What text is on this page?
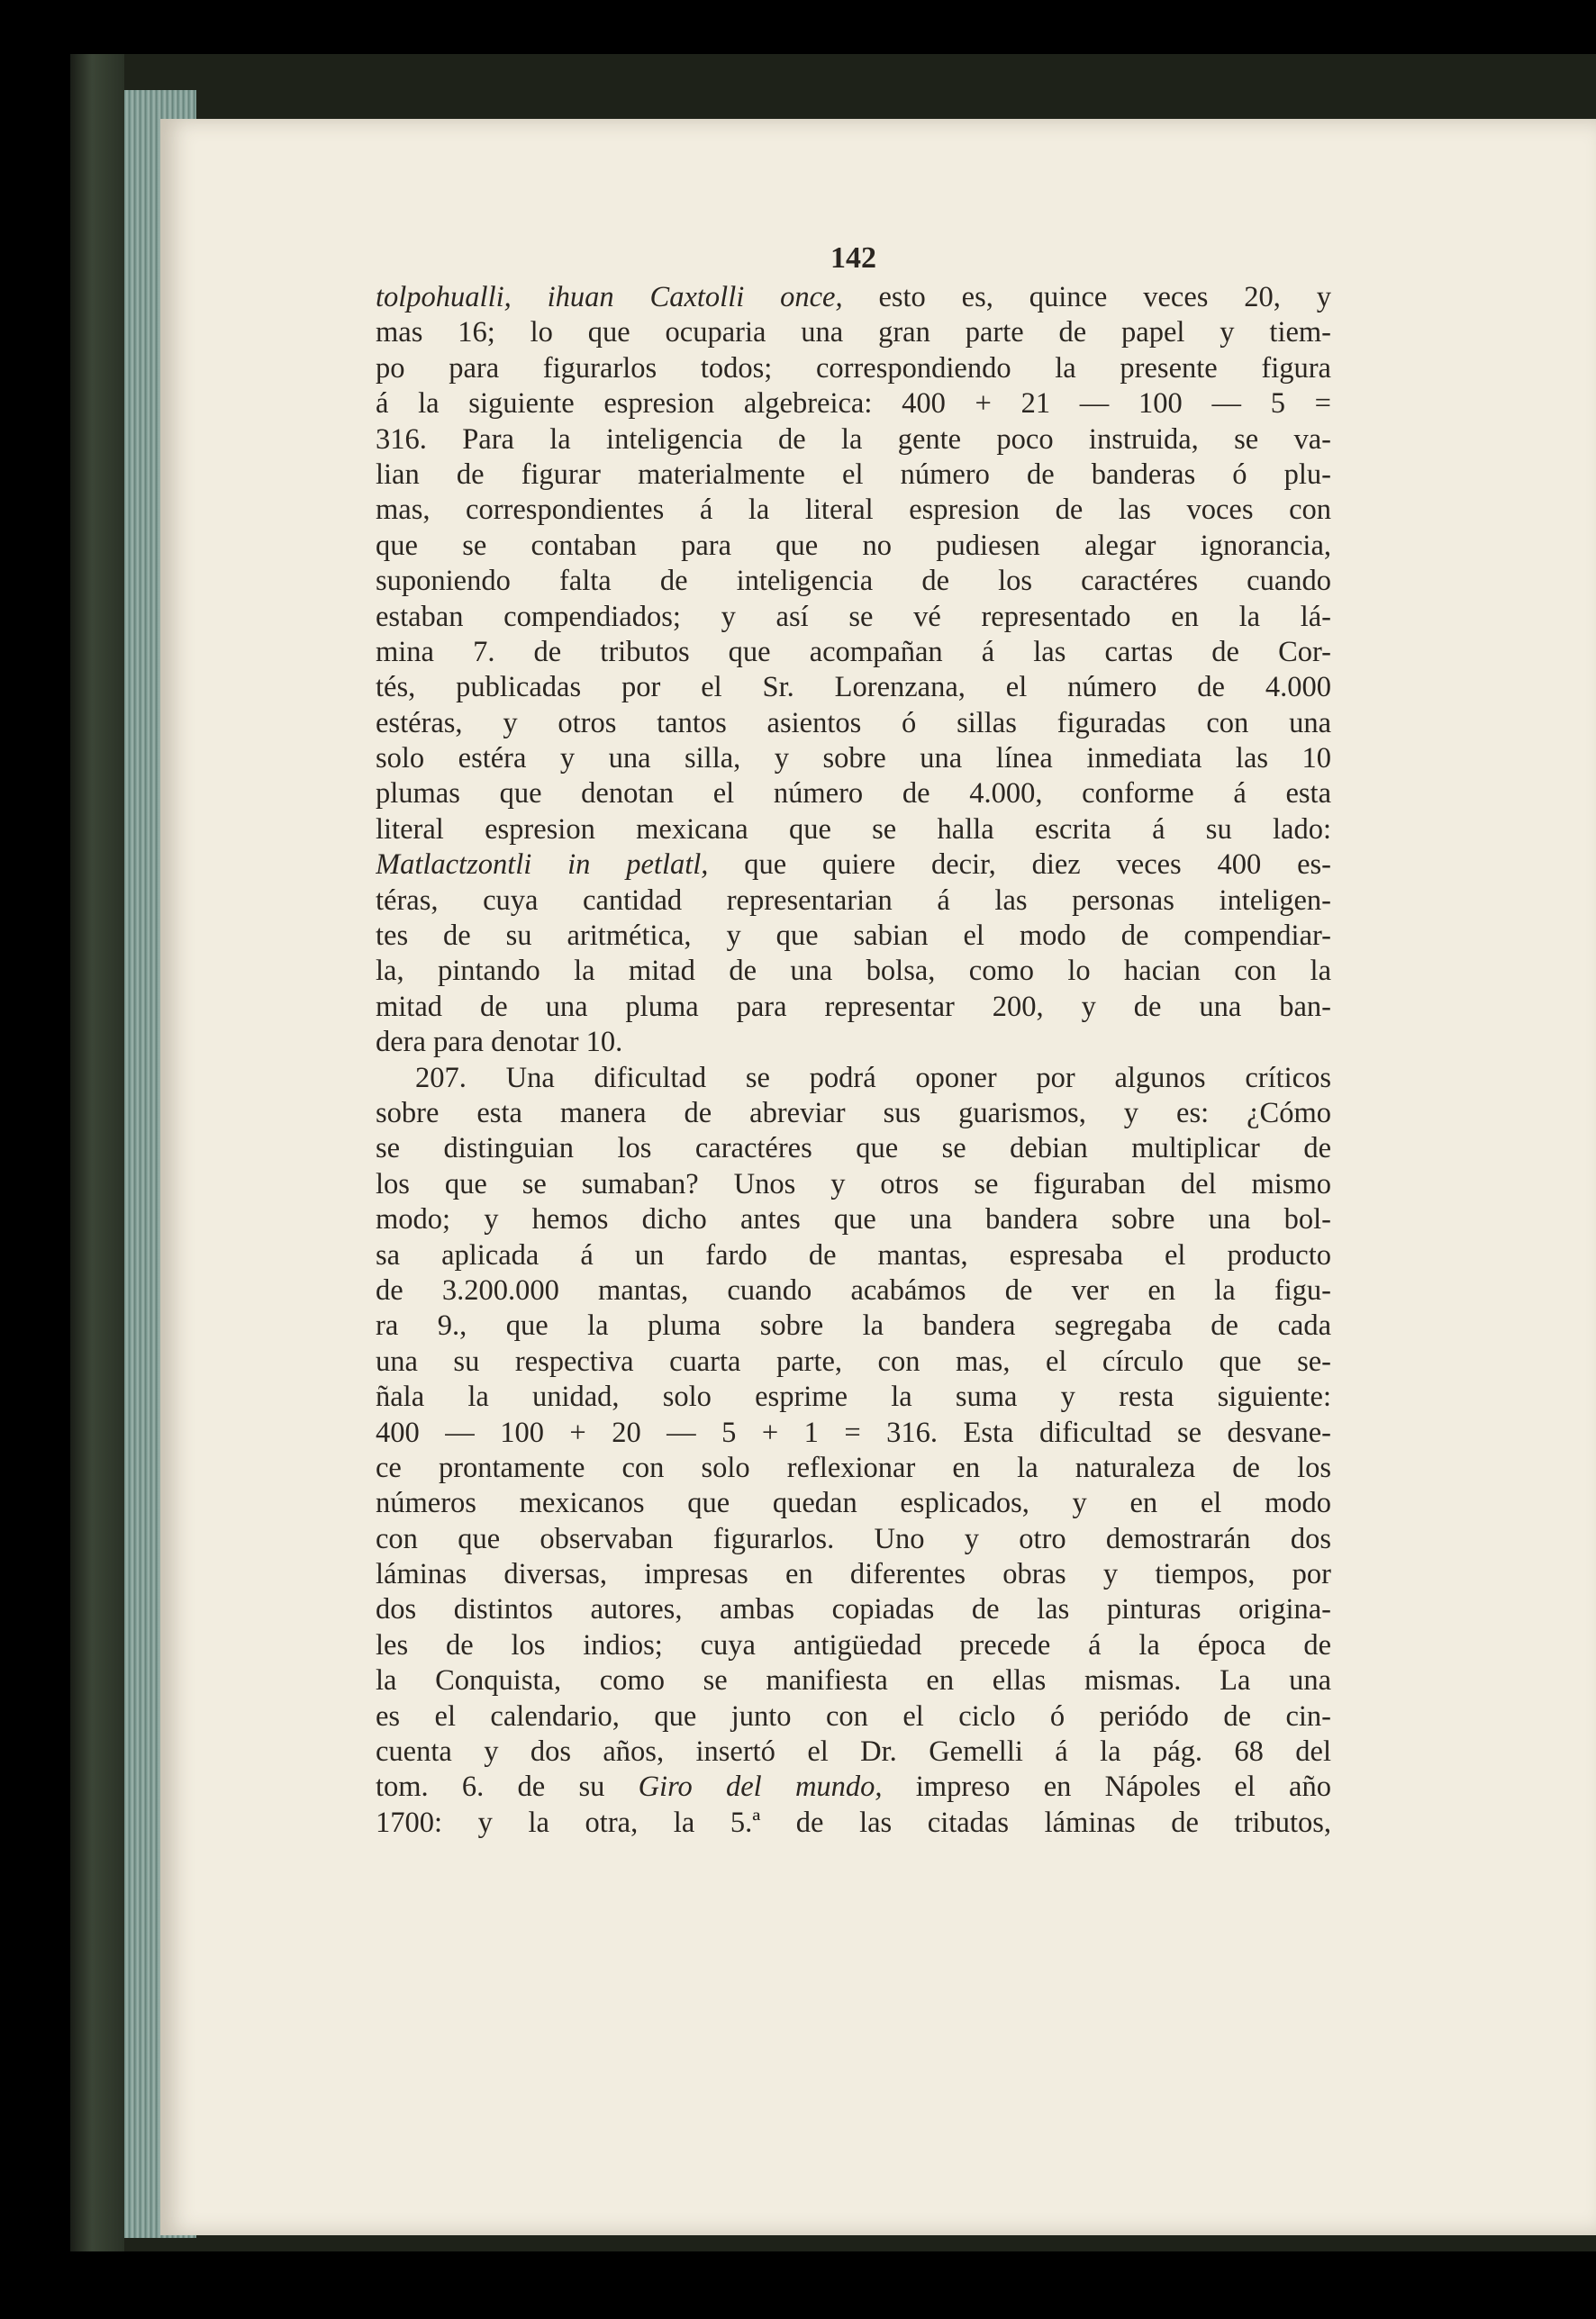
142
tolpohualli, ihuan Caxtolli once, esto es, quince veces 20, y
mas 16; lo que ocuparia una gran parte de papel y tiem-
po para figurarlos todos; correspondiendo la presente figura
á la siguiente espresion algebreica: 400 + 21 — 100 — 5 =
316. Para la inteligencia de la gente poco instruida, se va-
lian de figurar materialmente el número de banderas ó plu-
mas, correspondientes á la literal espresion de las voces con
que se contaban para que no pudiesen alegar ignorancia,
suponiendo falta de inteligencia de los caractéres cuando
estaban compendiados; y así se vé representado en la lá-
mina 7. de tributos que acompañan á las cartas de Cor-
tés, publicadas por el Sr. Lorenzana, el número de 4.000
estéras, y otros tantos asientos ó sillas figuradas con una
solo estéra y una silla, y sobre una línea inmediata las 10
plumas que denotan el número de 4.000, conforme á esta
literal espresion mexicana que se halla escrita á su lado:
Matlactzontli in petlatl, que quiere decir, diez veces 400 es-
téras, cuya cantidad representarian á las personas inteligen-
tes de su aritmética, y que sabian el modo de compendiar-
la, pintando la mitad de una bolsa, como lo hacian con la
mitad de una pluma para representar 200, y de una ban-
dera para denotar 10.
207. Una dificultad se podrá oponer por algunos críticos
sobre esta manera de abreviar sus guarismos, y es: ¿Cómo
se distinguian los caractéres que se debian multiplicar de
los que se sumaban? Unos y otros se figuraban del mismo
modo; y hemos dicho antes que una bandera sobre una bol-
sa aplicada á un fardo de mantas, espresaba el producto
de 3.200.000 mantas, cuando acabámos de ver en la figu-
ra 9., que la pluma sobre la bandera segregaba de cada
una su respectiva cuarta parte, con mas, el círculo que se-
ñala la unidad, solo esprime la suma y resta siguiente:
400 — 100 + 20 — 5 + 1 = 316. Esta dificultad se desvane-
ce prontamente con solo reflexionar en la naturaleza de los
números mexicanos que quedan esplicados, y en el modo
con que observaban figurarlos. Uno y otro demostrarán dos
láminas diversas, impresas en diferentes obras y tiempos, por
dos distintos autores, ambas copiadas de las pinturas origina-
les de los indios; cuya antigüedad precede á la época de
la Conquista, como se manifiesta en ellas mismas. La una
es el calendario, que junto con el ciclo ó periódo de cin-
cuenta y dos años, insertó el Dr. Gemelli á la pág. 68 del
tom. 6. de su Giro del mundo, impreso en Nápoles el año
1700: y la otra, la 5.ª de las citadas láminas de tributos,
